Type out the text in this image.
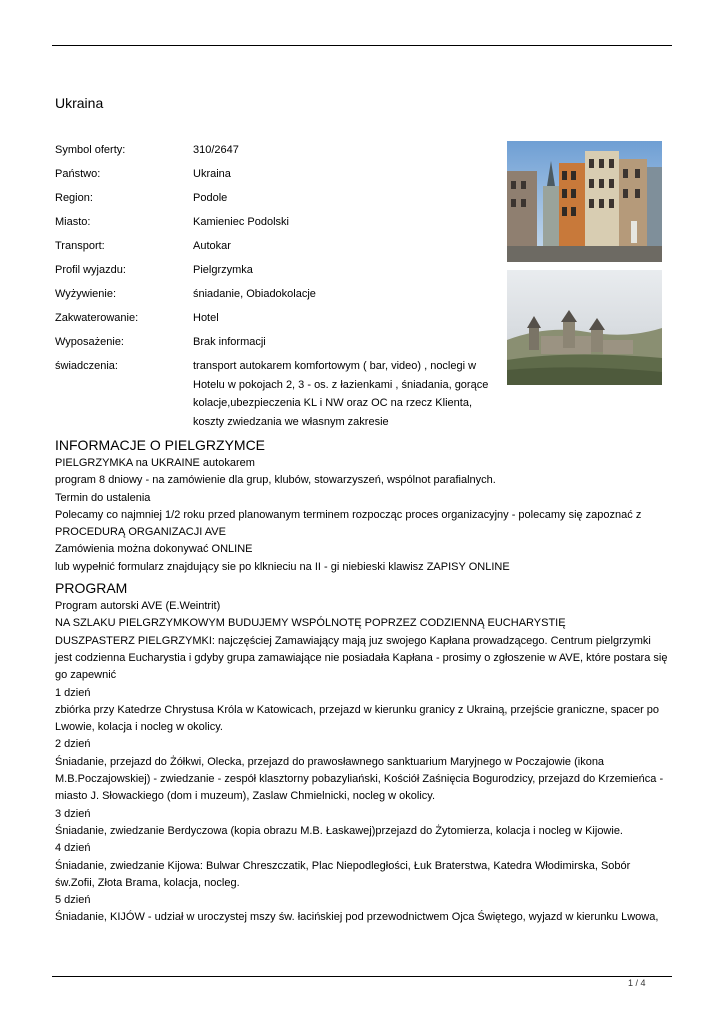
Ukraina
Symbol oferty:	310/2647
Państwo:	Ukraina
Region:	Podole
Miasto:	Kamieniec Podolski
Transport:	Autokar
Profil wyjazdu:	Pielgrzymka
Wyżywienie:	śniadanie, Obiadokolacje
Zakwaterowanie:	Hotel
Wyposażenie:	Brak informacji
świadczenia:	transport autokarem komfortowym ( bar, video) , noclegi w Hotelu w pokojach 2, 3 - os. z łazienkami , śniadania, gorące kolacje,ubezpieczenia KL i NW oraz OC na rzecz Klienta, koszty zwiedzania we własnym zakresie
INFORMACJE O PIELGRZYMCE
PIELGRZYMKA na UKRAINE autokarem
program 8 dniowy - na zamówienie dla grup, klubów, stowarzyszeń, wspólnot parafialnych.
Termin do ustalenia
Polecamy co najmniej 1/2 roku przed planowanym terminem rozpocząc proces organizacyjny - polecamy się zapoznać z PROCEDURĄ ORGANIZACJI AVE
Zamówienia można dokonywać ONLINE
lub wypełnić formularz znajdujący sie po klknieciu na II - gi niebieski klawisz ZAPISY ONLINE
PROGRAM
Program autorski AVE (E.Weintrit)
NA SZLAKU PIELGRZYMKOWYM BUDUJEMY WSPÓLNOTĘ POPRZEZ CODZIENNĄ EUCHARYSTIĘ
DUSZPASTERZ PIELGRZYMKI: najczęściej Zamawiający mają juz swojego Kapłana prowadzącego. Centrum pielgrzymki jest codzienna Eucharystia i gdyby grupa zamawiające nie posiadała Kapłana - prosimy o zgłoszenie w AVE, które postara się go zapewnić
1 dzień
zbiórka przy Katedrze Chrystusa Króla w Katowicach, przejazd w kierunku granicy z Ukrainą, przejście graniczne, spacer po Lwowie, kolacja i nocleg w okolicy.
2 dzień
Śniadanie, przejazd do Żółkwi, Olecka, przejazd do prawosławnego sanktuarium Maryjnego w Poczajowie (ikona M.B.Poczajowskiej) - zwiedzanie - zespół klasztorny pobazyliański, Kościół Zaśnięcia Bogurodzicy, przejazd do Krzemieńca - miasto J. Słowackiego (dom i muzeum), Zaslaw Chmielnicki, nocleg w okolicy.
3 dzień
Śniadanie, zwiedzanie Berdyczowa (kopia obrazu M.B. Łaskawej)przejazd do Żytomierza, kolacja i nocleg w Kijowie.
4 dzień
Śniadanie, zwiedzanie Kijowa: Bulwar Chreszczatik, Plac Niepodległości, Łuk Braterstwa, Katedra Włodimirska, Sobór św.Zofii, Złota Brama, kolacja, nocleg.
5 dzień
Śniadanie, KIJÓW - udział w uroczystej mszy św. łacińskiej pod przewodnictwem Ojca Świętego, wyjazd w kierunku Lwowa,
1 / 4
